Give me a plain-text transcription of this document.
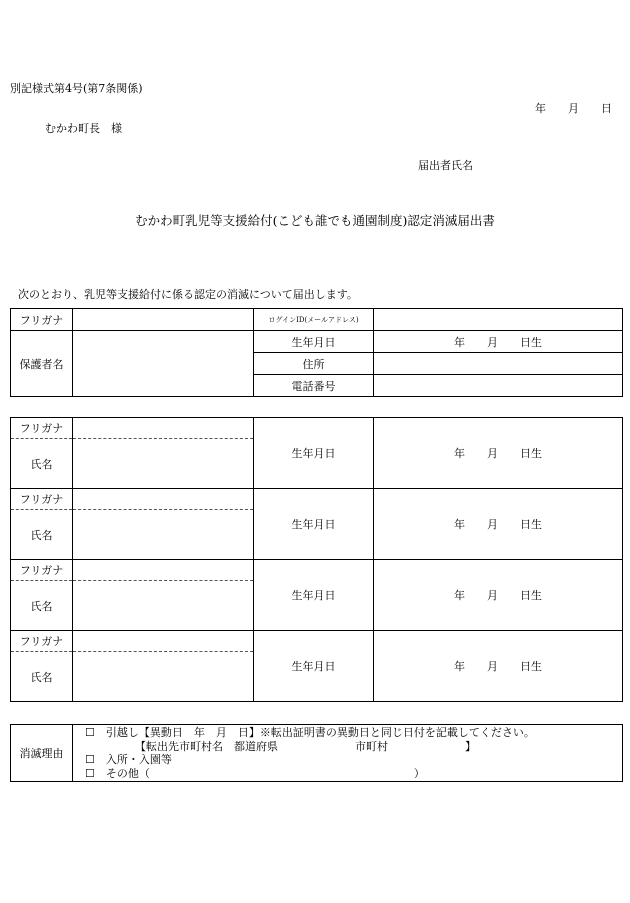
別記様式第4号(第7条関係)
年　　月　　日
むかわ町長　様
届出者氏名
むかわ町乳児等支援給付(こども誰でも通園制度)認定消滅届出書
次のとおり、乳児等支援給付に係る認定の消滅について届出します。
フリガナ		ログインID(メールアドレス)	
保護者名		生年月日	年　　月　　日生
		住所	
		電話番号	
フリガナ		生年月日	年　　月　　日生
氏名			
フリガナ		生年月日	年　　月　　日生
氏名			
フリガナ		生年月日	年　　月　　日生
氏名			
フリガナ		生年月日	年　　月　　日生
氏名			
消滅理由	
☐　引越し【異動日　年　月　日】※転出証明書の異動日と同じ日付を記載してください。
【転出先市町村名　都道府県　　　　　　　市町村　　　　　　　】
☐　入所・入園等
☐　その他（　　　　　　　　　　　　　　　　　　　　　　　　）
